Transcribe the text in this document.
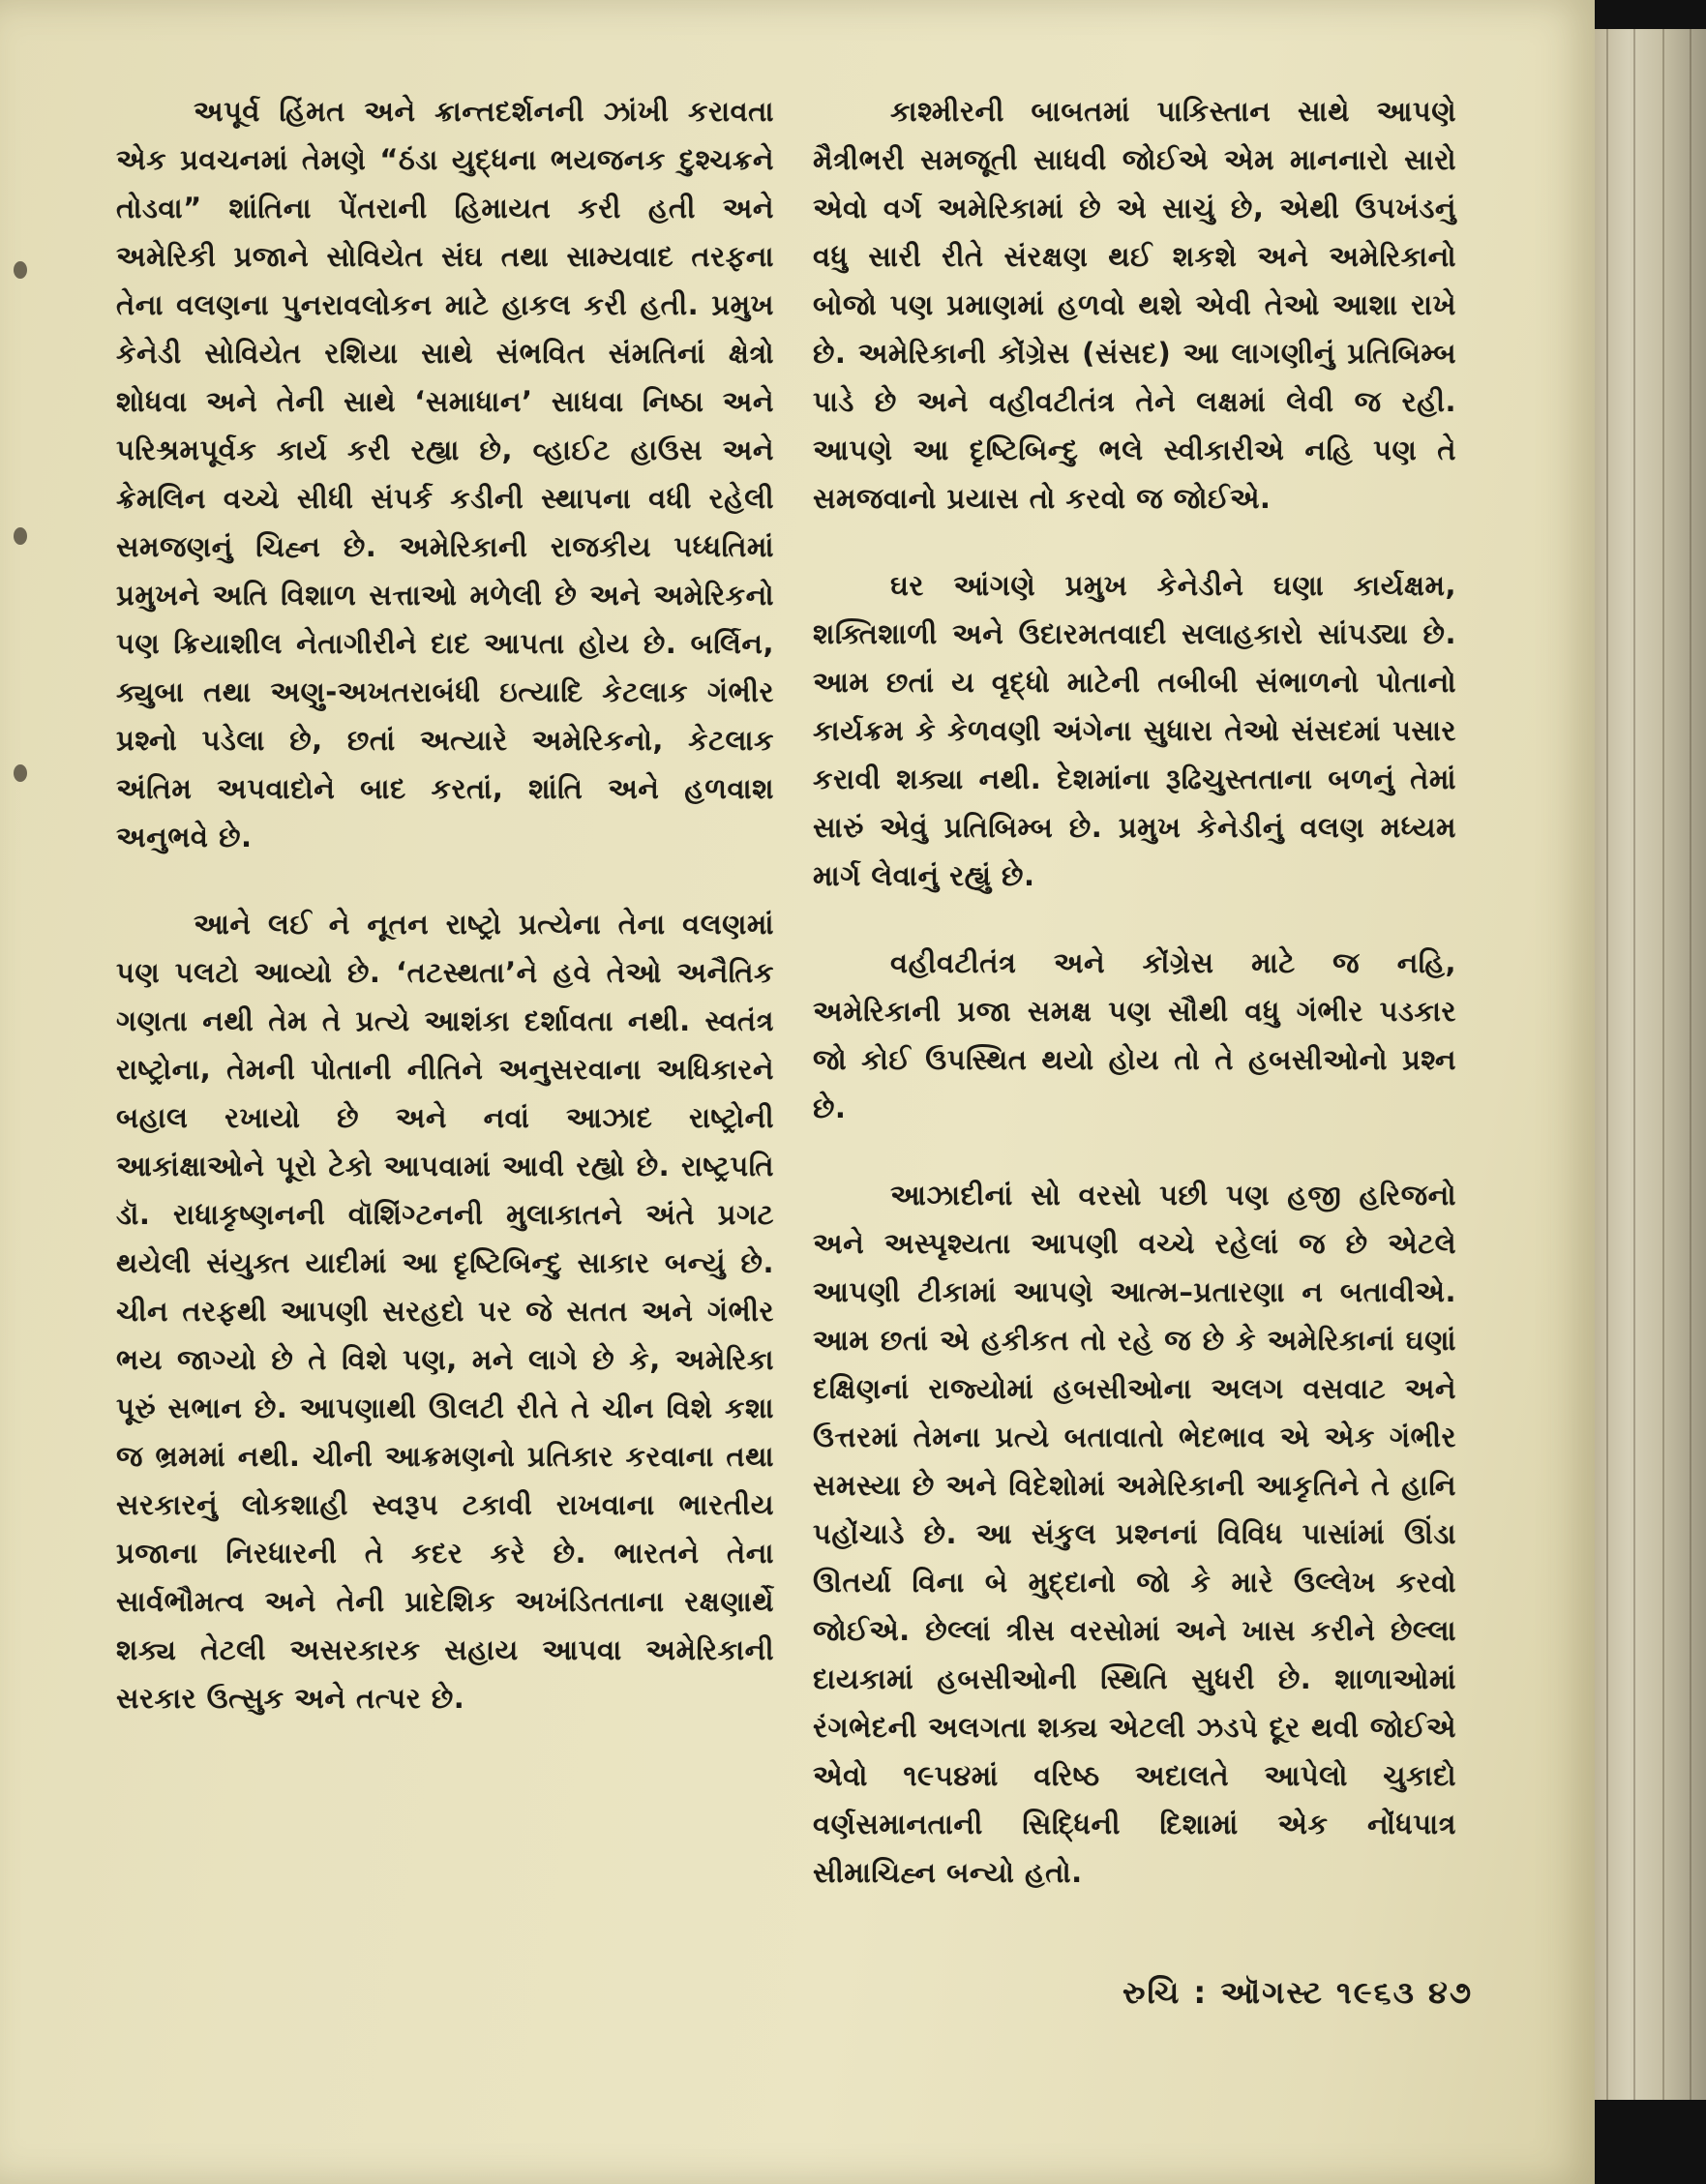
અપૂર્વ હિંમત અને ક્રાન્તદર્શનની ઝાંખી કરાવતા એક પ્રવચનમાં તેમણે “ઠંડા યુદ્ધના ભયજનક દુશ્ચક્રને તોડવા” શાંતિના પેંતરાની હિમાયત કરી હતી અને અમેરિકી પ્રજાને સોવિયેત સંઘ તથા સામ્યવાદ તરફના તેના વલણના પુનરાવલોકન માટે હાકલ કરી હતી. પ્રમુખ કેનેડી સોવિયેત રશિયા સાથે સંભવિત સંમતિનાં ક્ષેત્રો શોધવા અને તેની સાથે ‘સમાધાન’ સાધવા નિષ્ઠા અને પરિશ્રમપૂર્વક કાર્ય કરી રહ્યા છે, વ્હાઈટ હાઉસ અને ક્રેમલિન વચ્ચે સીધી સંપર્ક કડીની સ્થાપના વધી રહેલી સમજણનું ચિહ્ન છે. અમેરિકાની રાજકીય પધ્ધતિમાં પ્રમુખને અતિ વિશાળ સત્તાઓ મળેલી છે અને અમેરિકનો પણ ક્રિયાશીલ નેતાગીરીને દાદ આપતા હોય છે. બર્લિન, ક્યુબા તથા અણુ-અખતરાબંધી ઇત્યાદિ કેટલાક ગંભીર પ્રશ્નો પડેલા છે, છતાં અત્યારે અમેરિકનો, કેટલાક અંતિમ અપવાદોને બાદ કરતાં, શાંતિ અને હળવાશ અનુભવે છે.

આને લઈ ને નૂતન રાષ્ટ્રો પ્રત્યેના તેના વલણમાં પણ પલટો આવ્યો છે. ‘તટસ્થતા’ને હવે તેઓ અનૈતિક ગણતા નથી તેમ તે પ્રત્યે આશંકા દર્શાવતા નથી. સ્વતંત્ર રાષ્ટ્રોના, તેમની પોતાની નીતિને અનુસરવાના અધિકારને બહાલ રખાયો છે અને નવાં આઝાદ રાષ્ટ્રોની આકાંક્ષાઓને પૂરો ટેકો આપવામાં આવી રહ્યો છે. રાષ્ટ્રપતિ ડૉ. રાધાકૃષ્ણનની વૉશિંગ્ટનની મુલાકાતને અંતે પ્રગટ થયેલી સંયુક્ત યાદીમાં આ દૃષ્ટિબિન્દુ સાકાર બન્યું છે. ચીન તરફથી આપણી સરહદો પર જે સતત અને ગંભીર ભય જાગ્યો છે તે વિશે પણ, મને લાગે છે કે, અમેરિકા પૂરું સભાન છે. આપણાથી ઊલટી રીતે તે ચીન વિશે કશા જ ભ્રમમાં નથી. ચીની આક્રમણનો પ્રતિકાર કરવાના તથા સરકારનું લોકશાહી સ્વરૂપ ટકાવી રાખવાના ભારતીય પ્રજાના નિરધારની તે કદર કરે છે. ભારતને તેના સાર્વભૌમત્વ અને તેની પ્રાદેશિક અખંડિતતાના રક્ષણાર્થે શક્ય તેટલી અસરકારક સહાય આપવા અમેરિકાની સરકાર ઉત્સુક અને તત્પર છે.

કાશ્મીરની બાબતમાં પાકિસ્તાન સાથે આપણે મૈત્રીભરી સમજૂતી સાધવી જોઈએ એમ માનનારો સારો એવો વર્ગ અમેરિકામાં છે એ સાચું છે, એથી ઉપખંડનું વધુ સારી રીતે સંરક્ષણ થઈ શકશે અને અમેરિકાનો બોજો પણ પ્રમાણમાં હળવો થશે એવી તેઓ આશા રાખે છે. અમેરિકાની કોંગ્રેસ (સંસદ) આ લાગણીનું પ્રતિબિમ્બ પાડે છે અને વહીવટીતંત્ર તેને લક્ષમાં લેવી જ રહી. આપણે આ દૃષ્ટિબિન્દુ ભલે સ્વીકારીએ નહિ પણ તે સમજવાનો પ્રયાસ તો કરવો જ જોઈએ.

ઘર આંગણે પ્રમુખ કેનેડીને ઘણા કાર્યક્ષમ, શક્તિશાળી અને ઉદારમતવાદી સલાહકારો સાંપડ્યા છે. આમ છતાં ય વૃદ્ધો માટેની તબીબી સંભાળનો પોતાનો કાર્યક્રમ કે કેળવણી અંગેના સુધારા તેઓ સંસદમાં પસાર કરાવી શક્યા નથી. દેશમાંના રૂઢિચુસ્તતાના બળનું તેમાં સારું એવું પ્રતિબિમ્બ છે. પ્રમુખ કેનેડીનું વલણ મધ્યમ માર્ગ લેવાનું રહ્યું છે.

વહીવટીતંત્ર અને કોંગ્રેસ માટે જ નહિ, અમેરિકાની પ્રજા સમક્ષ પણ સૌથી વધુ ગંભીર પડકાર જો કોઈ ઉપસ્થિત થયો હોય તો તે હબસીઓનો પ્રશ્ન છે.

આઝાદીનાં સો વરસો પછી પણ હજી હરિજનો અને અસ્પૃશ્યતા આપણી વચ્ચે રહેલાં જ છે એટલે આપણી ટીકામાં આપણે આત્મ–પ્રતારણા ન બતાવીએ. આમ છતાં એ હકીકત તો રહે જ છે કે અમેરિકાનાં ઘણાં દક્ષિણનાં રાજ્યોમાં હબસીઓના અલગ વસવાટ અને ઉત્તરમાં તેમના પ્રત્યે બતાવાતો ભેદભાવ એ એક ગંભીર સમસ્યા છે અને વિદેશોમાં અમેરિકાની આકૃતિને તે હાનિ પહોંચાડે છે. આ સંકુલ પ્રશ્નનાં વિવિધ પાસાંમાં ઊંડા ઊતર્યા વિના બે મુદ્દાનો જો કે મારે ઉલ્લેખ કરવો જોઈએ. છેલ્લાં ત્રીસ વરસોમાં અને ખાસ કરીને છેલ્લા દાયકામાં હબસીઓની સ્થિતિ સુધરી છે. શાળાઓમાં રંગભેદની અલગતા શક્ય એટલી ઝડપે દૂર થવી જોઈએ એવો ૧૯૫૪માં વરિષ્ઠ અદાલતે આપેલો ચુકાદો વર્ણસમાનતાની સિદ્ધિની દિશામાં એક નોંધપાત્ર સીમાચિહ્ન બન્યો હતો.

રુચિ : ઑગસ્ટ ૧૯૬૩ ૪૭
